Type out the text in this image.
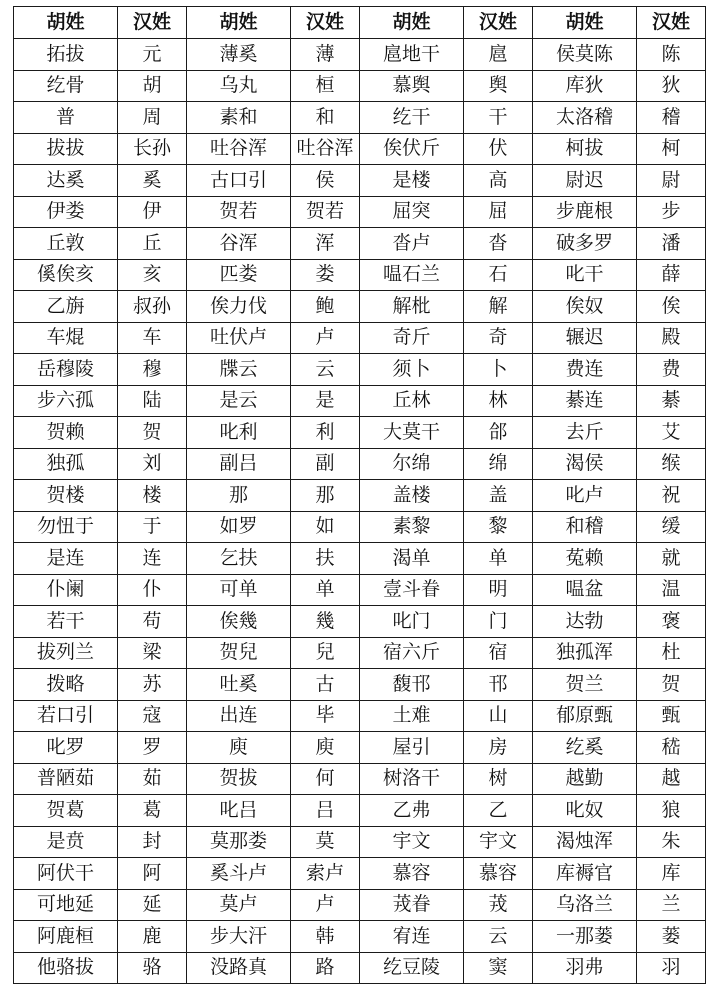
胡姓	汉姓	胡姓	汉姓	胡姓	汉姓	胡姓	汉姓
拓拔	元	薄奚	薄	扈地干	扈	侯莫陈	陈
纥骨	胡	乌丸	桓	慕舆	舆	库狄	狄
普	周	素和	和	纥干	干	太洛稽	稽
拔拔	长孙	吐谷浑	吐谷浑	俟伏斤	伏	柯拔	柯
达奚	奚	古口引	侯	是楼	高	尉迟	尉
伊娄	伊	贺若	贺若	屈突	屈	步鹿根	步
丘敦	丘	谷浑	浑	沓卢	沓	破多罗	潘
傒俟亥	亥	匹娄	娄	嗢石兰	石	叱干	薛
乙旃	叔孙	俟力伐	鲍	解枇	解	俟奴	俟
车焜	车	吐伏卢	卢	奇斤	奇	辗迟	殿
岳穆陵	穆	牒云	云	须卜	卜	费连	费
步六孤	陆	是云	是	丘林	林	綦连	綦
贺赖	贺	叱利	利	大莫干	郃	去斤	艾
独孤	刘	副吕	副	尔绵	绵	渴侯	缑
贺楼	楼	那	那	盖楼	盖	叱卢	祝
勿忸于	于	如罗	如	素黎	黎	和稽	缓
是连	连	乞扶	扶	渴单	单	菟赖	就
仆阑	仆	可单	单	壹斗眷	明	嗢盆	温
若干	苟	俟幾	幾	叱门	门	达勃	褒
拔列兰	梁	贺兒	兒	宿六斤	宿	独孤浑	杜
拨略	苏	吐奚	古	馥邗	邗	贺兰	贺
若口引	寇	出连	毕	土难	山	郁原甄	甄
叱罗	罗	庾	庾	屋引	房	纥奚	嵇
普陋茹	茹	贺拔	何	树洛干	树	越勤	越
贺葛	葛	叱吕	吕	乙弗	乙	叱奴	狼
是贲	封	莫那娄	莫	宇文	宇文	渴烛浑	朱
阿伏干	阿	奚斗卢	索卢	慕容	慕容	库褥官	库
可地延	延	莫卢	卢	茙眷	茙	乌洛兰	兰
阿鹿桓	鹿	步大汗	韩	宥连	云	一那蒌	蒌
他骆拔	骆	没路真	路	纥豆陵	窦	羽弗	羽
